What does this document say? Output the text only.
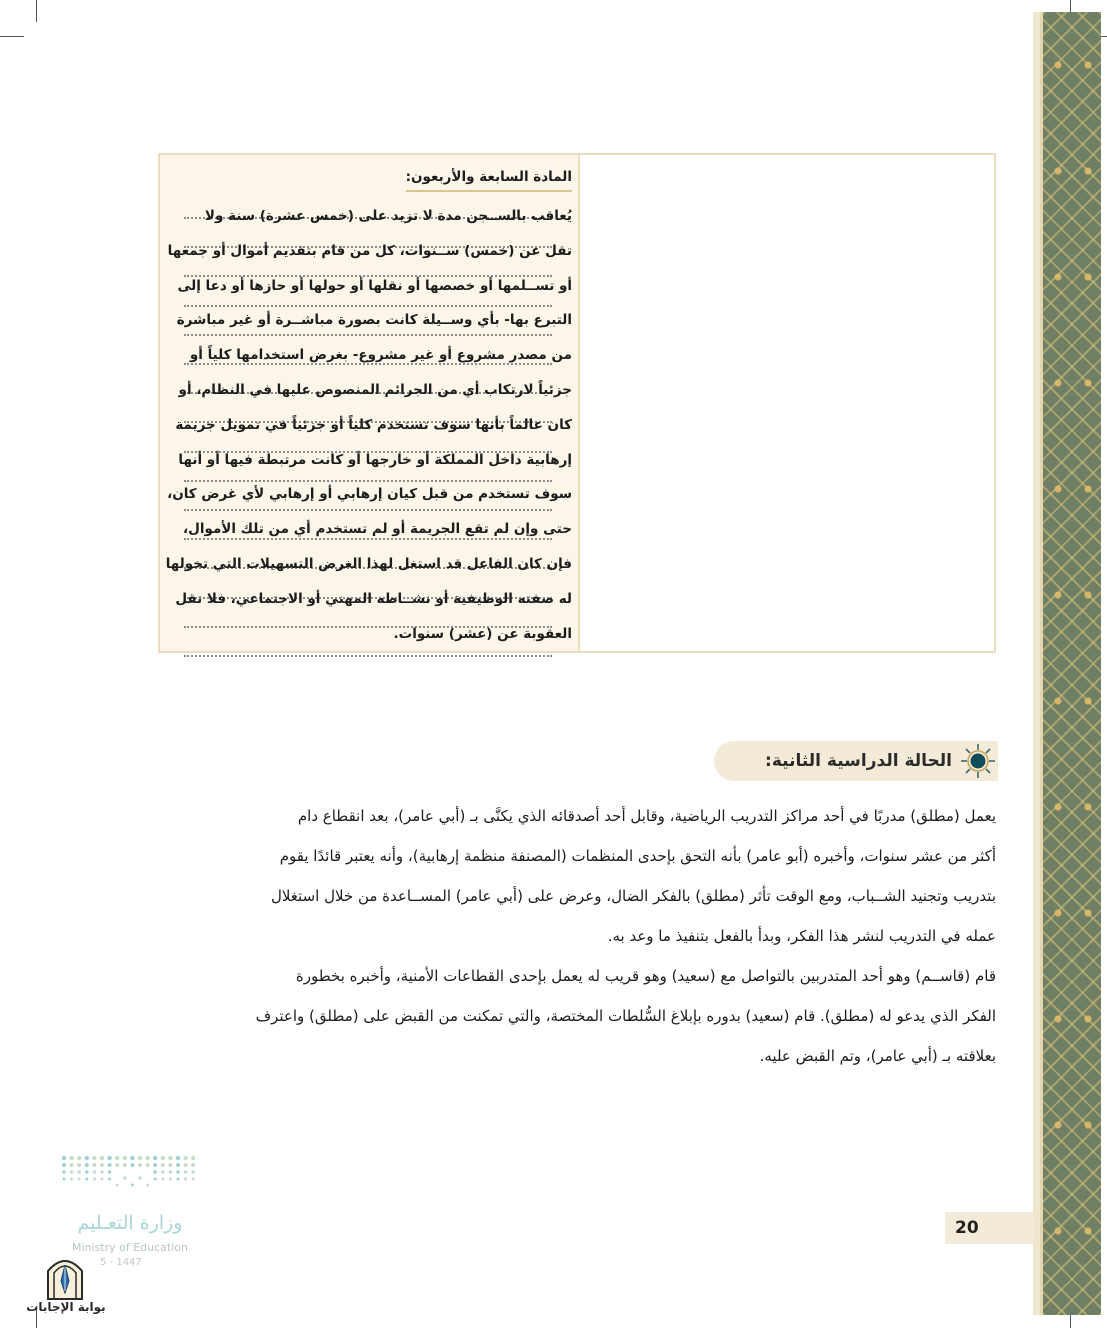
المادة السابعة والأربعون:
يُعاقب بالســجن مدة لا تزيد على (خمس عشرة) سنة ولا
تقل عن (خمس) ســنوات، كل من قام بتقديم أموال أو جمعها
أو تســلمها أو خصصها أو نقلها أو حولها أو حازها أو دعا إلى
التبرع بها- بأي وســيلة كانت بصورة مباشــرة أو غير مباشرة
من مصدر مشروع أو غير مشروع- بغرض استخدامها كلياً أو
جزئياً لارتكاب أي من الجرائم المنصوص عليها في النظام، أو
كان عالماً بأنها سوف تستخدم كلياً أو جزئياً في تمويل جريمة
إرهابية داخل المملكة أو خارجها أو كانت مرتبطة فيها أو أنها
سوف تستخدم من قبل كيان إرهابي أو إرهابي لأي غرض كان،
حتى وإن لم تقع الجريمة أو لم تستخدم أي من تلك الأموال،
فإن كان الفاعل قد استغل لهذا الغرض التسهيلات التي تخولها
له صفته الوظيفية أو نشــاطه المهني أو الاجتماعي، فلا تقل
العقوبة عن (عشر) سنوات.
الحالة الدراسية الثانية:
يعمل (مطلق) مدربًا في أحد مراكز التدريب الرياضية، وقابل أحد أصدقائه الذي يكنَّى بـ (أبي عامر)، بعد انقطاع دام
أكثر من عشر سنوات، وأخبره (أبو عامر) بأنه التحق بإحدى المنظمات (المصنفة منظمة إرهابية)، وأنه يعتبر قائدًا يقوم
بتدريب وتجنيد الشــباب، ومع الوقت تأثر (مطلق) بالفكر الضال، وعرض على (أبي عامر) المســاعدة من خلال استغلال
عمله في التدريب لنشر هذا الفكر، وبدأ بالفعل بتنفيذ ما وعد به.
قام (قاســم) وهو أحد المتدربين بالتواصل مع (سعيد) وهو قريب له يعمل بإحدى القطاعات الأمنية، وأخبره بخطورة
الفكر الذي يدعو له (مطلق). قام (سعيد) بدوره بإبلاغ السُّلطات المختصة، والتي تمكنت من القبض على (مطلق) واعترف
بعلاقته بـ (أبي عامر)، وتم القبض عليه.
20
وزارة التعـليم
Ministry of Education
5 - 1447
بوابة الإجابات
